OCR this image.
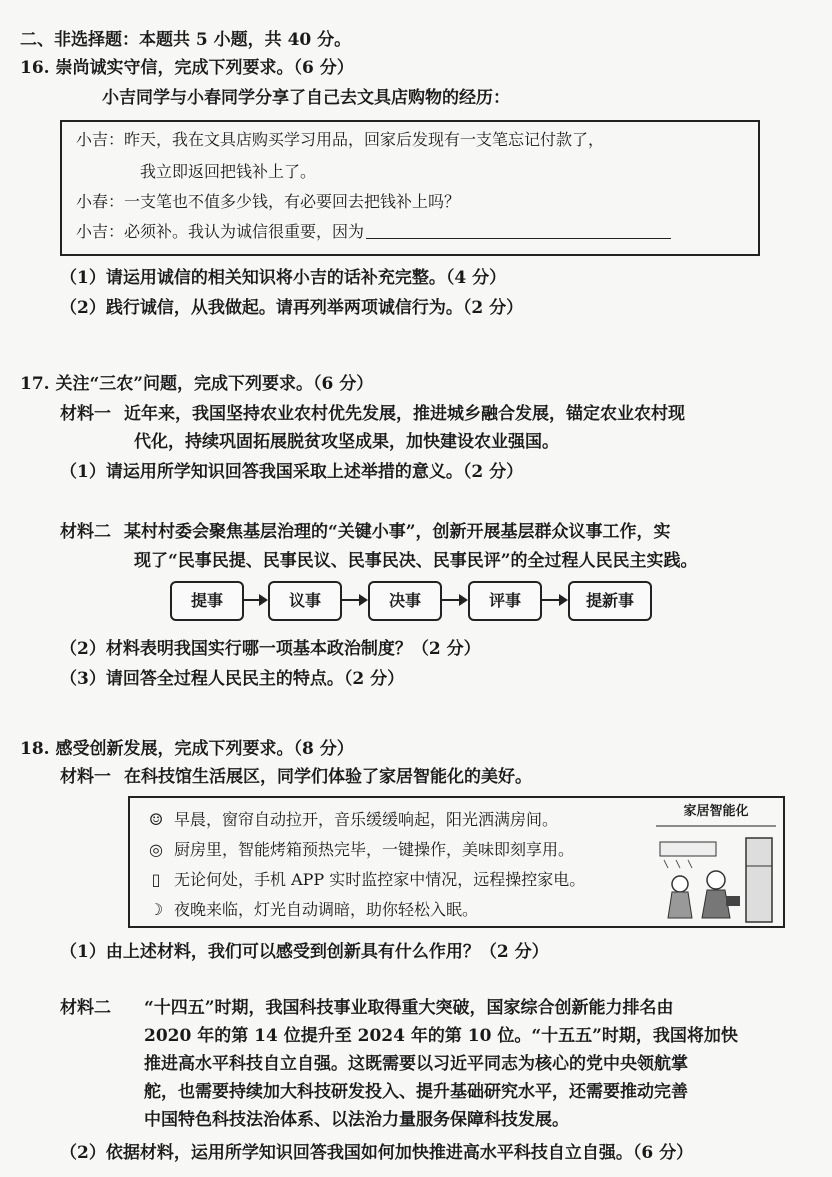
二、非选择题：本题共 5 小题，共 40 分。
16. 崇尚诚实守信，完成下列要求。（6 分）
小吉同学与小春同学分享了自己去文具店购物的经历：
小吉：昨天，我在文具店购买学习用品，回家后发现有一支笔忘记付款了，
我立即返回把钱补上了。
小春：一支笔也不值多少钱，有必要回去把钱补上吗？
小吉：必须补。我认为诚信很重要，因为
（1）请运用诚信的相关知识将小吉的话补充完整。（4 分）
（2）践行诚信，从我做起。请再列举两项诚信行为。（2 分）
17. 关注“三农”问题，完成下列要求。（6 分）
材料一 近年来，我国坚持农业农村优先发展，推进城乡融合发展，锚定农业农村现
代化，持续巩固拓展脱贫攻坚成果，加快建设农业强国。
（1）请运用所学知识回答我国采取上述举措的意义。（2 分）
材料二 某村村委会聚焦基层治理的“关键小事”，创新开展基层群众议事工作，实
现了“民事民提、民事民议、民事民决、民事民评”的全过程人民民主实践。
提事	议事	决事	评事	提新事
（2）材料表明我国实行哪一项基本政治制度？（2 分）
（3）请回答全过程人民民主的特点。（2 分）
18. 感受创新发展，完成下列要求。（8 分）
材料一 在科技馆生活展区，同学们体验了家居智能化的美好。
☺ 早晨，窗帘自动拉开，音乐缓缓响起，阳光洒满房间。
◎ 厨房里，智能烤箱预热完毕，一键操作，美味即刻享用。
▯ 无论何处，手机 APP 实时监控家中情况，远程操控家电。
☽ 夜晚来临，灯光自动调暗，助你轻松入眠。
家居智能化
（1）由上述材料，我们可以感受到创新具有什么作用？（2 分）
材料二 “十四五”时期，我国科技事业取得重大突破，国家综合创新能力排名由
2020 年的第 14 位提升至 2024 年的第 10 位。“十五五”时期，我国将加快
推进高水平科技自立自强。这既需要以习近平同志为核心的党中央领航掌
舵，也需要持续加大科技研发投入、提升基础研究水平，还需要推动完善
中国特色科技法治体系、以法治力量服务保障科技发展。
（2）依据材料，运用所学知识回答我国如何加快推进高水平科技自立自强。（6 分）
